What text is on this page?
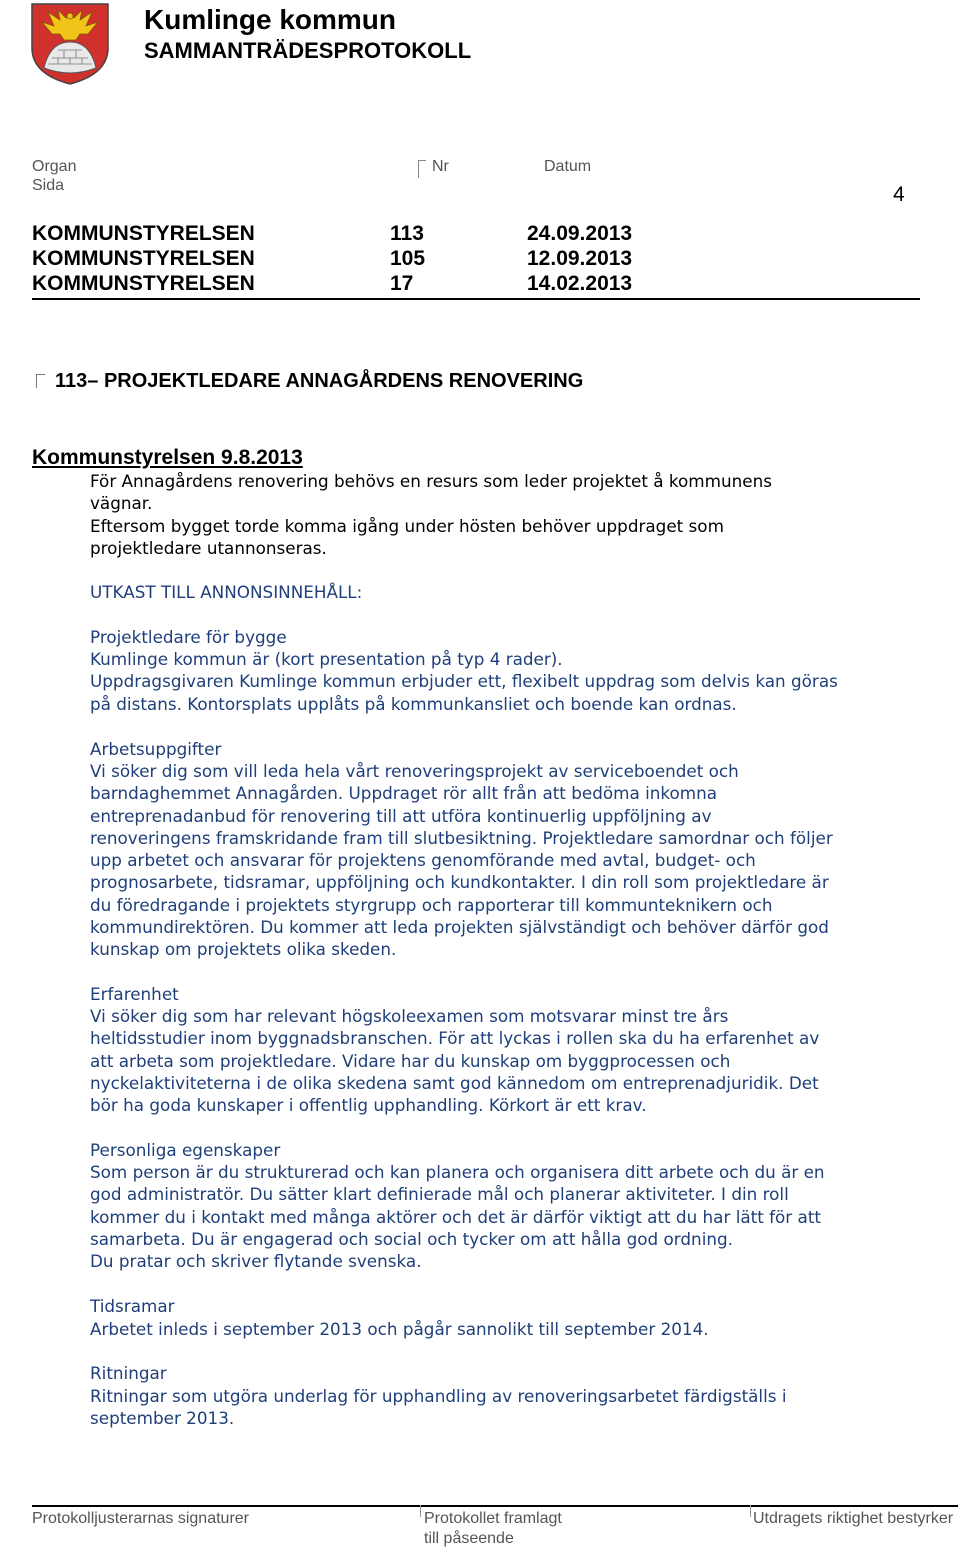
Kumlinge kommun
SAMMANTRÄDESPROTOKOLL
Organ	Nr	Datum
Sida	4
KOMMUNSTYRELSEN	113	24.09.2013
KOMMUNSTYRELSEN	105	12.09.2013
KOMMUNSTYRELSEN	17	14.02.2013
113– PROJEKTLEDARE ANNAGÅRDENS RENOVERING
Kommunstyrelsen 9.8.2013

För Annagårdens renovering behövs en resurs som leder projektet å kommunens
vägnar.
Eftersom bygget torde komma igång under hösten behöver uppdraget som
projektledare utannonseras.

UTKAST TILL ANNONSINNEHÅLL:

Projektledare för bygge

Kumlinge kommun är (kort presentation på typ 4 rader).
Uppdragsgivaren Kumlinge kommun erbjuder ett, flexibelt uppdrag som delvis kan göras
på distans. Kontorsplats upplåts på kommunkansliet och boende kan ordnas.

Arbetsuppgifter

Vi söker dig som vill leda hela vårt renoveringsprojekt av serviceboendet och
barndaghemmet Annagården. Uppdraget rör allt från att bedöma inkomna
entreprenadanbud för renovering till att utföra kontinuerlig uppföljning av
renoveringens framskridande fram till slutbesiktning. Projektledare samordnar och följer
upp arbetet och ansvarar för projektens genomförande med avtal, budget- och
prognosarbete, tidsramar, uppföljning och kundkontakter. I din roll som projektledare är
du föredragande i projektets styrgrupp och rapporterar till kommunteknikern och
kommundirektören. Du kommer att leda projekten självständigt och behöver därför god
kunskap om projektets olika skeden.

Erfarenhet

Vi söker dig som har relevant högskoleexamen som motsvarar minst tre års
heltidsstudier inom byggnadsbranschen. För att lyckas i rollen ska du ha erfarenhet av
att arbeta som projektledare. Vidare har du kunskap om byggprocessen och
nyckelaktiviteterna i de olika skedena samt god kännedom om entreprenadjuridik. Det
bör ha goda kunskaper i offentlig upphandling. Körkort är ett krav.

Personliga egenskaper

Som person är du strukturerad och kan planera och organisera ditt arbete och du är en
god administratör. Du sätter klart definierade mål och planerar aktiviteter. I din roll
kommer du i kontakt med många aktörer och det är därför viktigt att du har lätt för att
samarbeta. Du är engagerad och social och tycker om att hålla god ordning.
Du pratar och skriver flytande svenska.

Tidsramar

Arbetet inleds i september 2013 och pågår sannolikt till september 2014.

Ritningar

Ritningar som utgöra underlag för upphandling av renoveringsarbetet färdigställs i
september 2013.

Protokolljusterarnas signaturer	Protokollet framlagt
till påseende
Utdragets riktighet bestyrker
